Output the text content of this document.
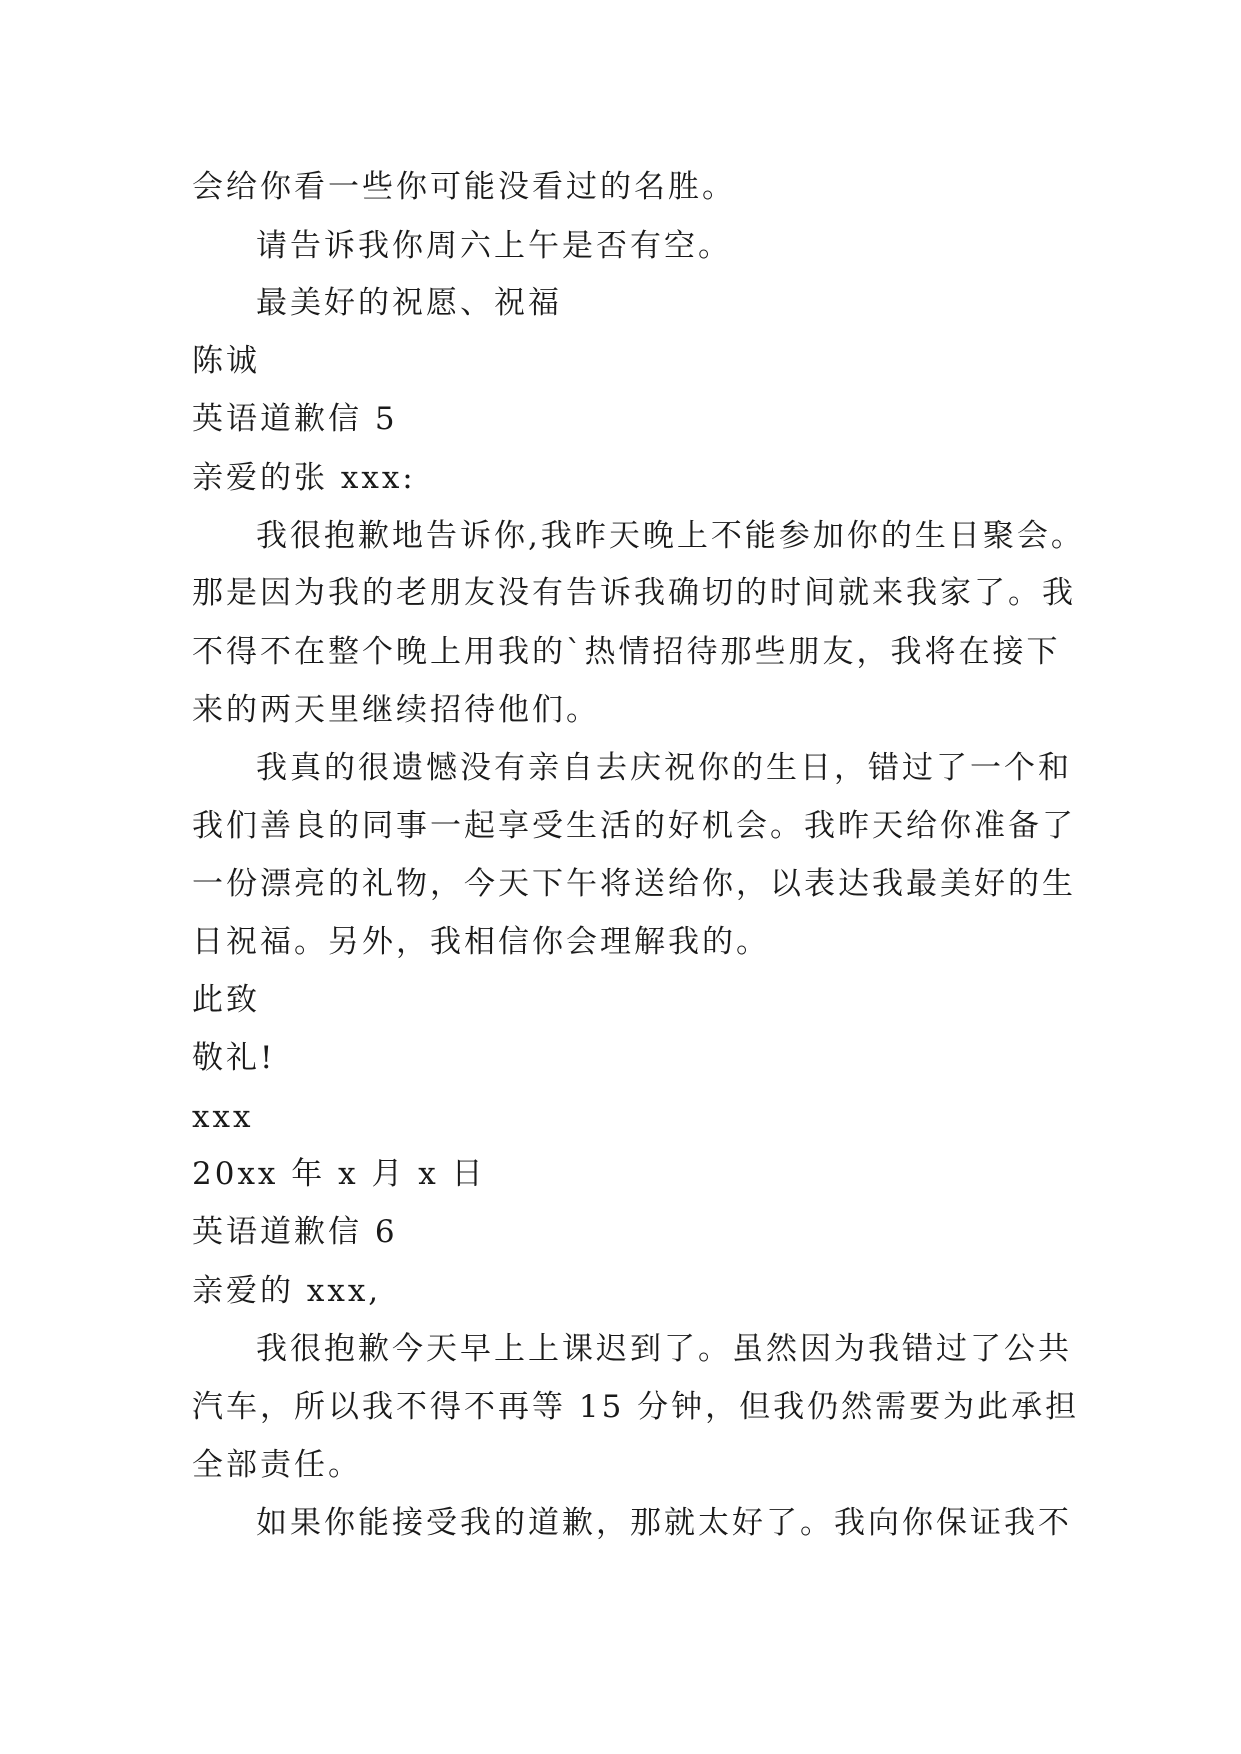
会给你看一些你可能没看过的名胜。

请告诉我你周六上午是否有空。

最美好的祝愿、祝福

陈诚

英语道歉信 5

亲爱的张 xxx:

我很抱歉地告诉你,我昨天晚上不能参加你的生日聚会。

那是因为我的老朋友没有告诉我确切的时间就来我家了。我

不得不在整个晚上用我的`热情招待那些朋友，我将在接下

来的两天里继续招待他们。

我真的很遗憾没有亲自去庆祝你的生日，错过了一个和

我们善良的同事一起享受生活的好机会。我昨天给你准备了

一份漂亮的礼物，今天下午将送给你，以表达我最美好的生

日祝福。另外，我相信你会理解我的。

此致

敬礼!

xxx

20xx 年 x 月 x 日

英语道歉信 6

亲爱的 xxx,

我很抱歉今天早上上课迟到了。虽然因为我错过了公共

汽车，所以我不得不再等 15 分钟，但我仍然需要为此承担

全部责任。

如果你能接受我的道歉，那就太好了。我向你保证我不
